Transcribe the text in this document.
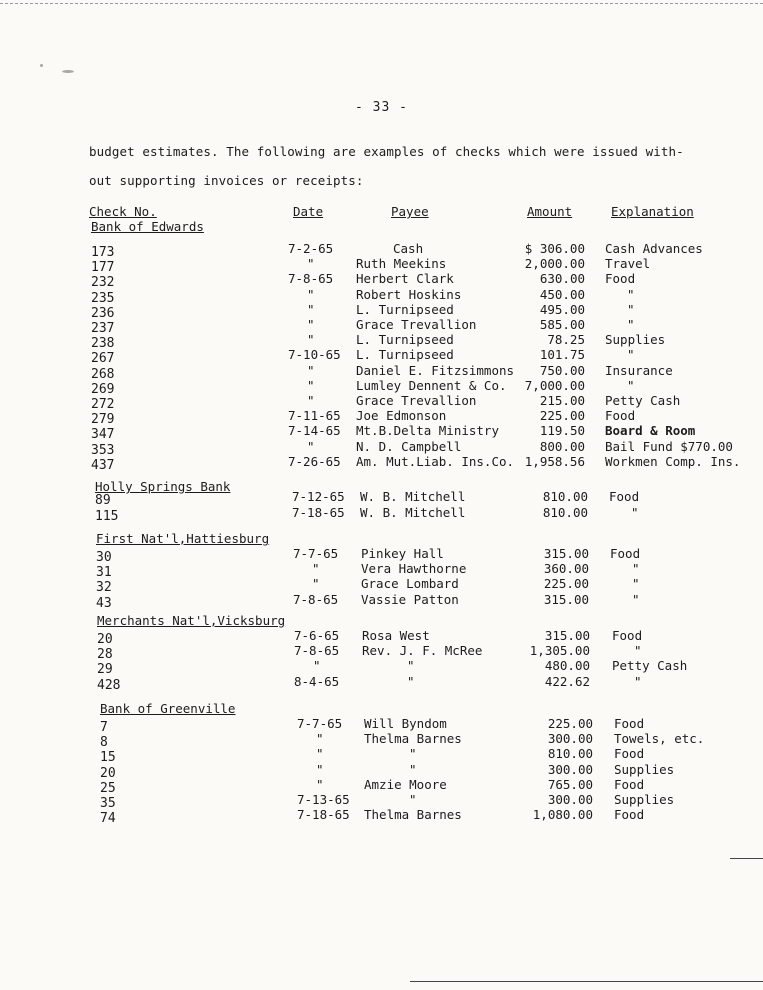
- 33 -
budget estimates. The following are examples of checks which were issued with-
out supporting invoices or receipts:
Check No.	Date	Payee	Amount	Explanation
Bank of Edwards
173	7-2-65	Cash	$ 306.00 Cash Advances
177	"	Ruth Meekins	2,000.00 Travel
232	7-8-65 Herbert Clark	630.00 Food
235	"	Robert Hoskins	450.00	"
236	"	L. Turnipseed	495.00	"
237	"	Grace Trevallion	585.00	"
238	"	L. Turnipseed	78.25 Supplies
267	7-10-65 L. Turnipseed	101.75	"
268	"	Daniel E. Fitzsimmons	750.00 Insurance
269	"	Lumley Dennent & Co.	7,000.00	"
272	"	Grace Trevallion	215.00 Petty Cash
279	7-11-65 Joe Edmonson	225.00 Food
347	7-14-65 Mt.B.Delta Ministry	119.50 Board & Room
353	"	N. D. Campbell	800.00 Bail Fund $770.00
437	7-26-65 Am. Mut.Liab. Ins.Co. 1,958.56 Workmen Comp. Ins.
Holly Springs Bank
89	7-12-65 W. B. Mitchell	810.00 Food
115	7-18-65 W. B. Mitchell	810.00	"
First Nat'l,Hattiesburg
30	7-7-65 Pinkey Hall	315.00 Food
31	"	Vera Hawthorne	360.00	"
32	"	Grace Lombard	225.00	"
43	7-8-65 Vassie Patton	315.00	"
Merchants Nat'l,Vicksburg
20	7-6-65 Rosa West	315.00 Food
28	7-8-65 Rev. J. F. McRee	1,305.00	"
29	"	"	480.00 Petty Cash
428	8-4-65	"	422.62	"
Bank of Greenville
7	7-7-65 Will Byndom	225.00 Food
8	"	Thelma Barnes	300.00 Towels, etc.
15	"	"	810.00 Food
20	"	"	300.00 Supplies
25	"	Amzie Moore	765.00 Food
35	7-13-65	"	300.00 Supplies
74	7-18-65 Thelma Barnes	1,080.00 Food
